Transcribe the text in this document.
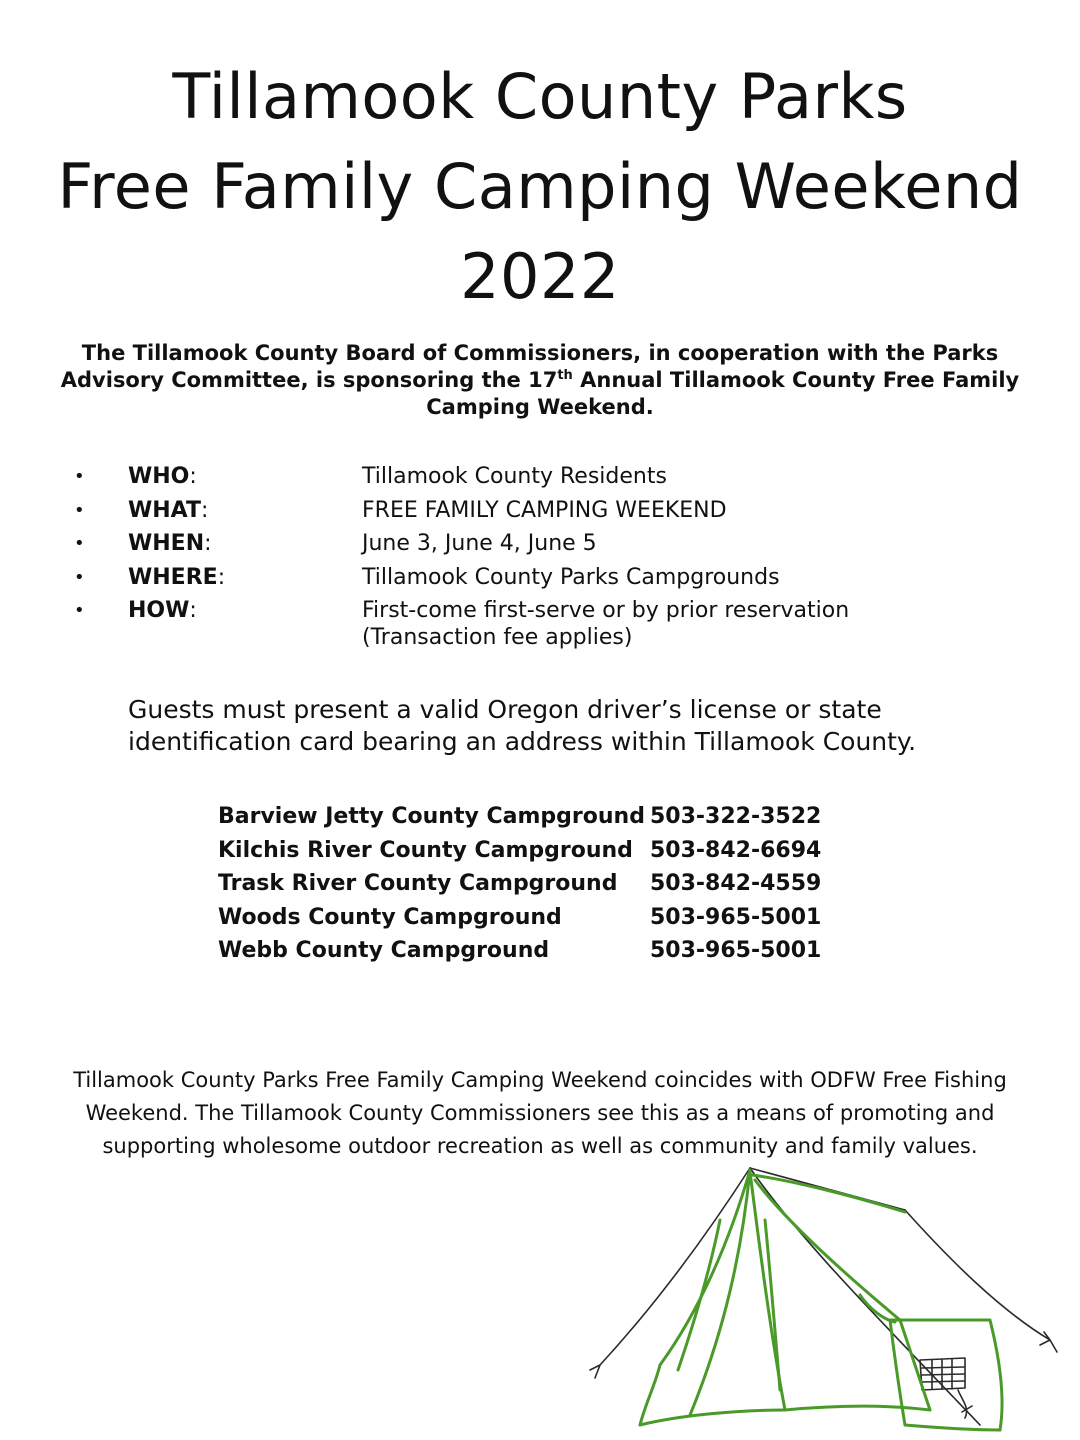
Tillamook County Parks
Free Family Camping Weekend
2022
The Tillamook County Board of Commissioners, in cooperation with the Parks Advisory Committee, is sponsoring the 17th Annual Tillamook County Free Family Camping Weekend.
• WHO:	Tillamook County Residents
• WHAT:	FREE FAMILY CAMPING WEEKEND
• WHEN:	June 3, June 4, June 5
• WHERE:	Tillamook County Parks Campgrounds
• HOW:	First-come first-serve or by prior reservation
(Transaction fee applies)
Guests must present a valid Oregon driver’s license or state
identification card bearing an address within Tillamook County.
Barview Jetty County Campground 503-322-3522
Kilchis River County Campground 503-842-6694
Trask River County Campground 503-842-4559
Woods County Campground	503-965-5001
Webb County Campground	503-965-5001
Tillamook County Parks Free Family Camping Weekend coincides with ODFW Free Fishing
Weekend. The Tillamook County Commissioners see this as a means of promoting and
supporting wholesome outdoor recreation as well as community and family values.
